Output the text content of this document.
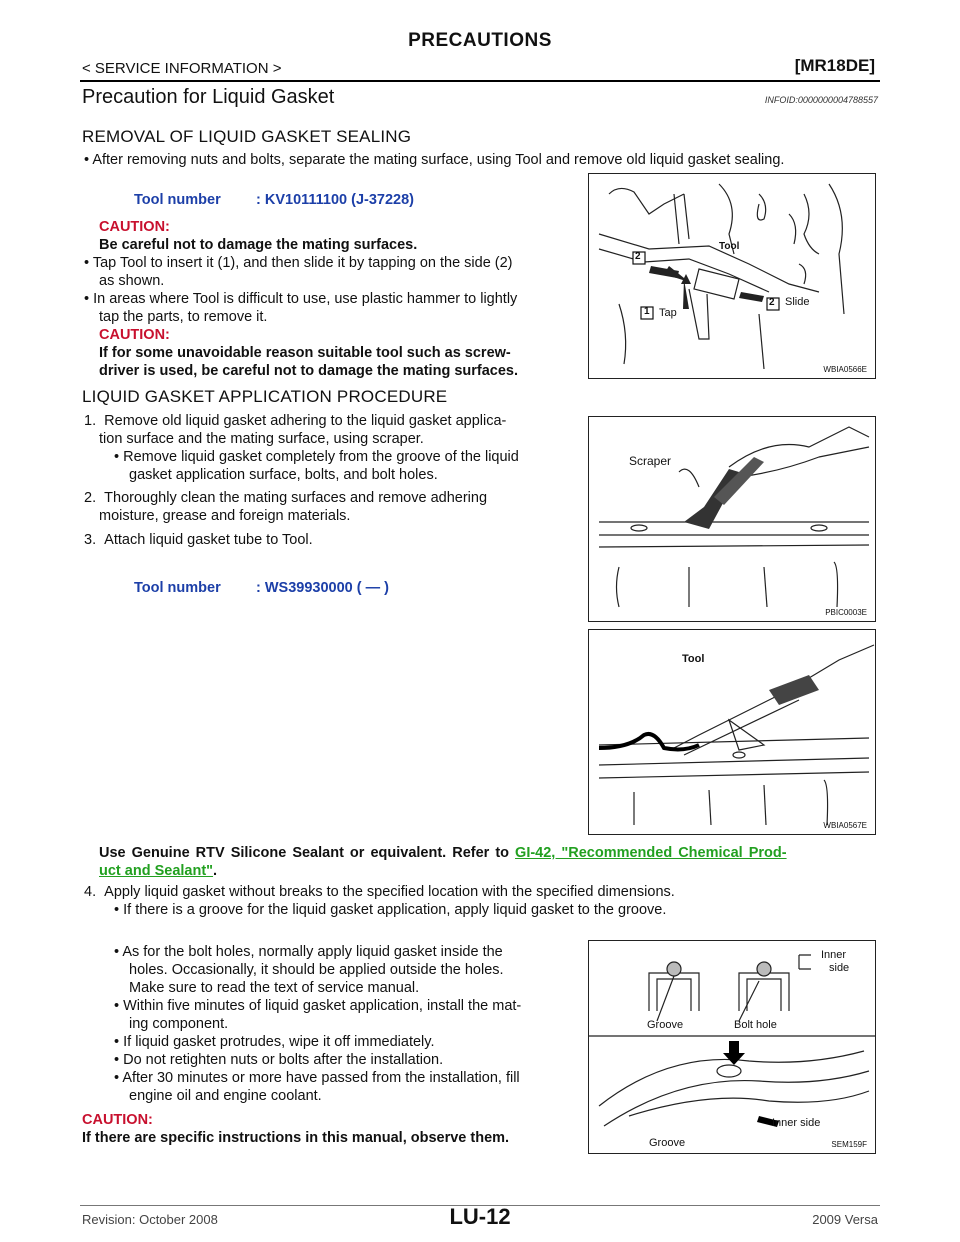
PRECAUTIONS
< SERVICE INFORMATION >	[MR18DE]
Precaution for Liquid Gasket	INFOID:0000000004788557
REMOVAL OF LIQUID GASKET SEALING
• After removing nuts and bolts, separate the mating surface, using Tool and remove old liquid gasket sealing.
Tool number : KV10111100 (J-37228)
CAUTION:
Be careful not to damage the mating surfaces.
• Tap Tool to insert it (1), and then slide it by tapping on the side (2)
as shown.
• In areas where Tool is difficult to use, use plastic hammer to lightly
tap the parts, to remove it.
CAUTION:
If for some unavoidable reason suitable tool such as screw-
driver is used, be careful not to damage the mating surfaces.
Tool
2
1 Tap
2 Slide
WBIA0566E
LIQUID GASKET APPLICATION PROCEDURE
1.  Remove old liquid gasket adhering to the liquid gasket applica-
tion surface and the mating surface, using scraper.
• Remove liquid gasket completely from the groove of the liquid
gasket application surface, bolts, and bolt holes.
2.  Thoroughly clean the mating surfaces and remove adhering
moisture, grease and foreign materials.
3.  Attach liquid gasket tube to Tool.
Tool number : WS39930000 ( — )
Scraper
PBIC0003E
Tool
WBIA0567E
Use Genuine RTV Silicone Sealant or equivalent. Refer to GI-42, "Recommended Chemical Prod-
uct and Sealant".
4.  Apply liquid gasket without breaks to the specified location with the specified dimensions.
• If there is a groove for the liquid gasket application, apply liquid gasket to the groove.
• As for the bolt holes, normally apply liquid gasket inside the
holes. Occasionally, it should be applied outside the holes.
Make sure to read the text of service manual.
• Within five minutes of liquid gasket application, install the mat-
ing component.
• If liquid gasket protrudes, wipe it off immediately.
• Do not retighten nuts or bolts after the installation.
• After 30 minutes or more have passed from the installation, fill
engine oil and engine coolant.
CAUTION:
If there are specific instructions in this manual, observe them.
Inner
side
Groove	Bolt hole
Inner side
Groove	SEM159F
Revision: October 2008	LU-12	2009 Versa
